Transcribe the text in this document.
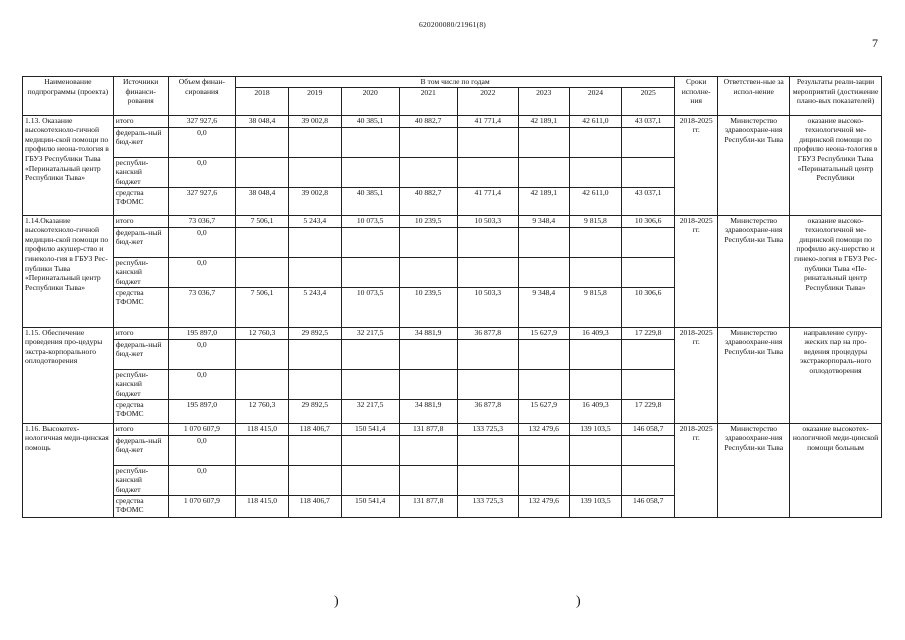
620200080/21961(8)
7
Наименование подпрограммы (проекта)	Источники финанси-рования	Объем финан-сирования	В том числе по годам								Сроки исполне-ния	Ответствен-ные за испол-нение	Результаты реали-зации мероприятий (достижение плано-вых показателей)
			2018	2019	2020	2021	2022	2023	2024	2025			
1.13. Оказание высокотехноло-гичной медицин-ской помощи по профилю неона-тология в ГБУЗ Республики Тыва «Перинатальный центр Республики Тыва»	итого	327 927,6	38 048,4	39 002,8	40 385,1	40 882,7	41 771,4	42 189,1	42 611,0	43 037,1	2018-2025 гг.	Министерство здравоохране-ния Республи-ки Тыва	оказание высоко-технологичной ме-дицинской помощи по профилю неона-тология в ГБУЗ Республики Тыва «Перинатальный центр Республики
	федераль-ный бюд-жет	0,0											
	республи-канский бюджет	0,0											
	средства ТФОМС	327 927,6	38 048,4	39 002,8	40 385,1	40 882,7	41 771,4	42 189,1	42 611,0	43 037,1			
1.14.Оказание высокотехноло-гичной медицин-ской помощи по профилю акушер-ство и гинеколо-гия в ГБУЗ Рес-публики Тыва «Перинатальный центр Республики Тыва»	итого	73 036,7	7 506,1	5 243,4	10 073,5	10 239,5	10 503,3	9 348,4	9 815,8	10 306,6	2018-2025 гг.	Министерство здравоохране-ния Республи-ки Тыва	оказание высоко-технологичной ме-дицинской помощи по профилю аку-шерство и гинеко-логия в ГБУЗ Рес-публики Тыва «Пе-ринатальный центр Республики Тыва»
	федераль-ный бюд-жет	0,0											
	республи-канский бюджет	0,0											
	средства ТФОМС	73 036,7	7 506,1	5 243,4	10 073,5	10 239,5	10 503,3	9 348,4	9 815,8	10 306,6			
1.15. Обеспечение проведения про-цедуры экстра-корпорального оплодотворения	итого	195 897,0	12 760,3	29 892,5	32 217,5	34 881,9	36 877,8	15 627,9	16 409,3	17 229,8	2018-2025 гг.	Министерство здравоохране-ния Республи-ки Тыва	направление супру-жеских пар на про-ведения процедуры экстракорпораль-ного оплодотворения
	федераль-ный бюд-жет	0,0											
	республи-канский бюджет	0,0											
	средства ТФОМС	195 897,0	12 760,3	29 892,5	32 217,5	34 881,9	36 877,8	15 627,9	16 409,3	17 229,8			
1.16. Высокотех-нологичная меди-цинская помощь	итого	1 070 607,9	118 415,0	118 406,7	150 541,4	131 877,8	133 725,3	132 479,6	139 103,5	146 058,7	2018-2025 гг.	Министерство здравоохране-ния Республи-ки Тыва	оказание высокотех-нологичной меди-цинской помощи больным
	федераль-ный бюд-жет	0,0											
	республи-канский бюджет	0,0											
	средства ТФОМС	1 070 607,9	118 415,0	118 406,7	150 541,4	131 877,8	133 725,3	132 479,6	139 103,5	146 058,7			
)	)
